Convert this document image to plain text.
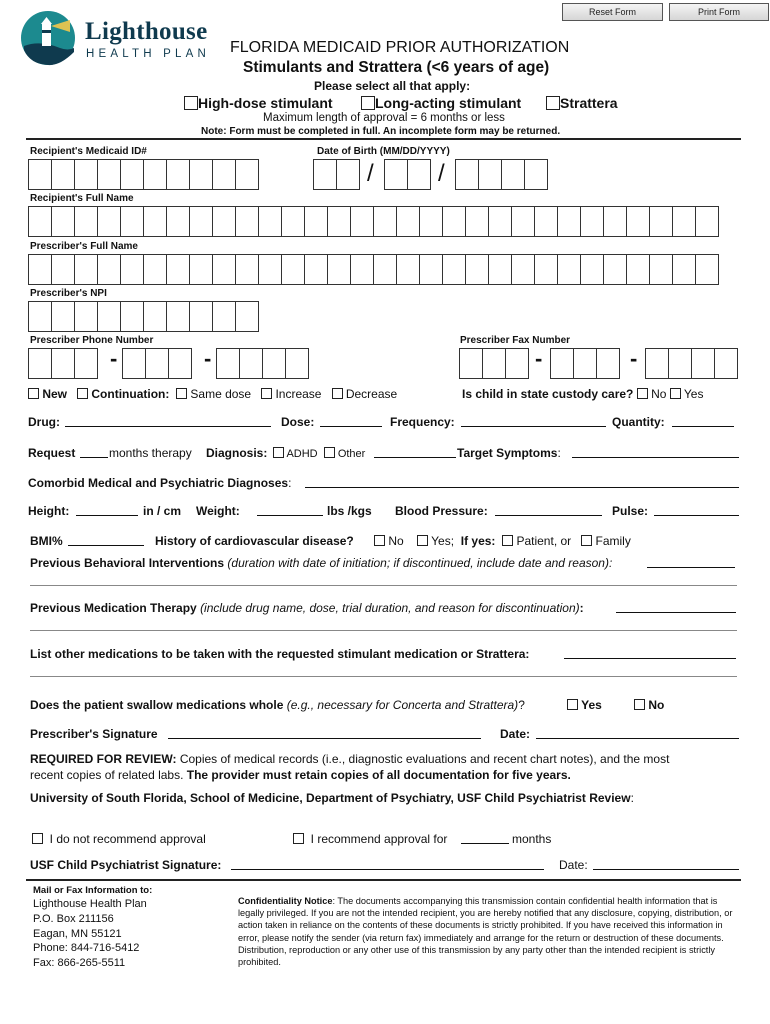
Reset Form	Print Form
Lighthouse
HEALTH PLAN FLORIDA MEDICAID PRIOR AUTHORIZATION
Stimulants and Strattera (<6 years of age)
Please select all that apply:
High-dose stimulant	Long-acting stimulant	Strattera
Maximum length of approval = 6 months or less
Note: Form must be completed in full. An incomplete form may be returned.
Recipient's Medicaid ID#	Date of Birth (MM/DD/YYYY)
/	/
Recipient's Full Name
Prescriber's Full Name
Prescriber's NPI
Prescriber Phone Number	Prescriber Fax Number
-	-	-	-
New Continuation: Same dose Increase Decrease	Is child in state custody care? No Yes
Drug:	Dose:	Frequency:	Quantity:
Request	months therapy Diagnosis:	ADHD Other	Target Symptoms:
Comorbid Medical and Psychiatric Diagnoses:
Height:	in / cm Weight:	lbs /kgs Blood Pressure:	Pulse:
BMI%	History of cardiovascular disease?	No Yes; If yes: Patient, or Family
Previous Behavioral Interventions (duration with date of initiation; if discontinued, include date and reason):
Previous Medication Therapy (include drug name, dose, trial duration, and reason for discontinuation):
List other medications to be taken with the requested stimulant medication or Strattera:
Does the patient swallow medications whole (e.g., necessary for Concerta and Strattera)?	Yes	No
Prescriber's Signature	Date:
REQUIRED FOR REVIEW: Copies of medical records (i.e., diagnostic evaluations and recent chart notes), and the most
recent copies of related labs. The provider must retain copies of all documentation for five years.
University of South Florida, School of Medicine, Department of Psychiatry, USF Child Psychiatrist Review:
I do not recommend approval	I recommend approval for	months
USF Child Psychiatrist Signature:	Date:
Mail or Fax Information to:
Lighthouse Health Plan
P.O. Box 211156
Eagan, MN 55121
Phone: 844-716-5412
Fax: 866-265-5511
Confidentiality Notice: The documents accompanying this transmission contain confidential health information that is legally privileged. If you are not the intended recipient, you are hereby notified that any disclosure, copying, distribution, or action taken in reliance on the contents of these documents is strictly prohibited. If you have received this information in error, please notify the sender (via return fax) immediately and arrange for the return or destruction of these documents. Distribution, reproduction or any other use of this transmission by any party other than the intended recipient is strictly prohibited.
